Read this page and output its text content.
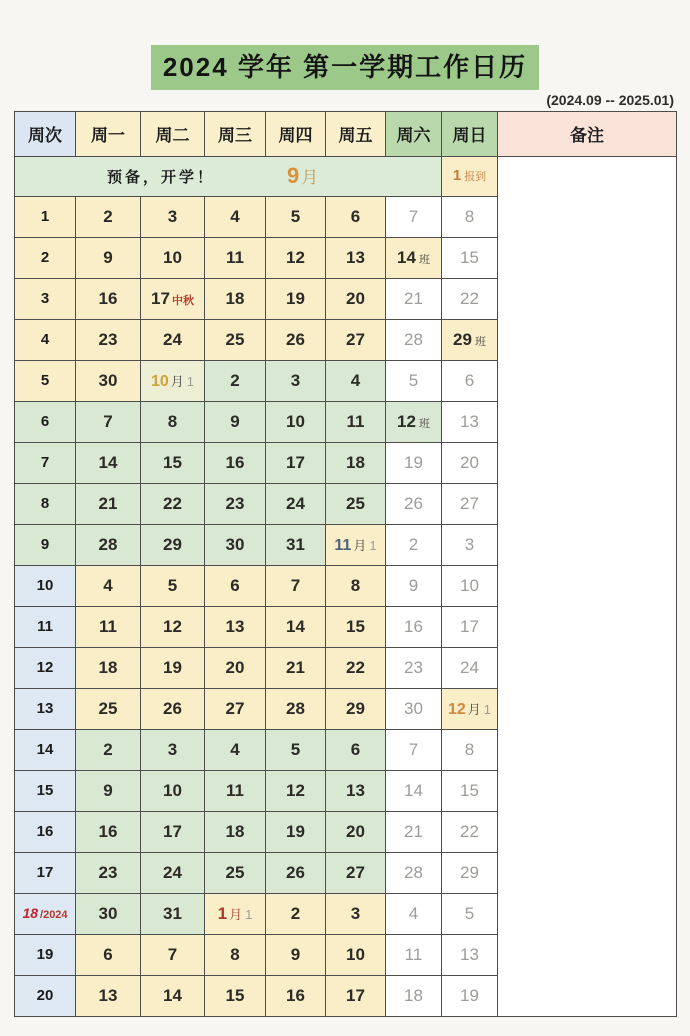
2024 学年 第一学期工作日历
(2024.09 -- 2025.01)
周次	周一	周二	周三	周四	周五	周六	周日	备注

预备，开学！ 9 月							1 报到	
1	2	3	4	5	6	7	8	
2	9	10	11	12	13	14 班	15	
3	16	17 中秋	18	19	20	21	22	
4	23	24	25	26	27	28	29 班	
5	30	10 月 1	2	3	4	5	6	
6	7	8	9	10	11	12 班	13	
7	14	15	16	17	18	19	20	
8	21	22	23	24	25	26	27	
9	28	29	30	31	11 月 1	2	3	
10	4	5	6	7	8	9	10	
11	11	12	13	14	15	16	17	
12	18	19	20	21	22	23	24	
13	25	26	27	28	29	30	12 月 1	
14	2	3	4	5	6	7	8	
15	9	10	11	12	13	14	15	
16	16	17	18	19	20	21	22	
17	23	24	25	26	27	28	29	
18 /2024	30	31	1 月 1	2	3	4	5	
19	6	7	8	9	10	11	13	
20	13	14	15	16	17	18	19	
